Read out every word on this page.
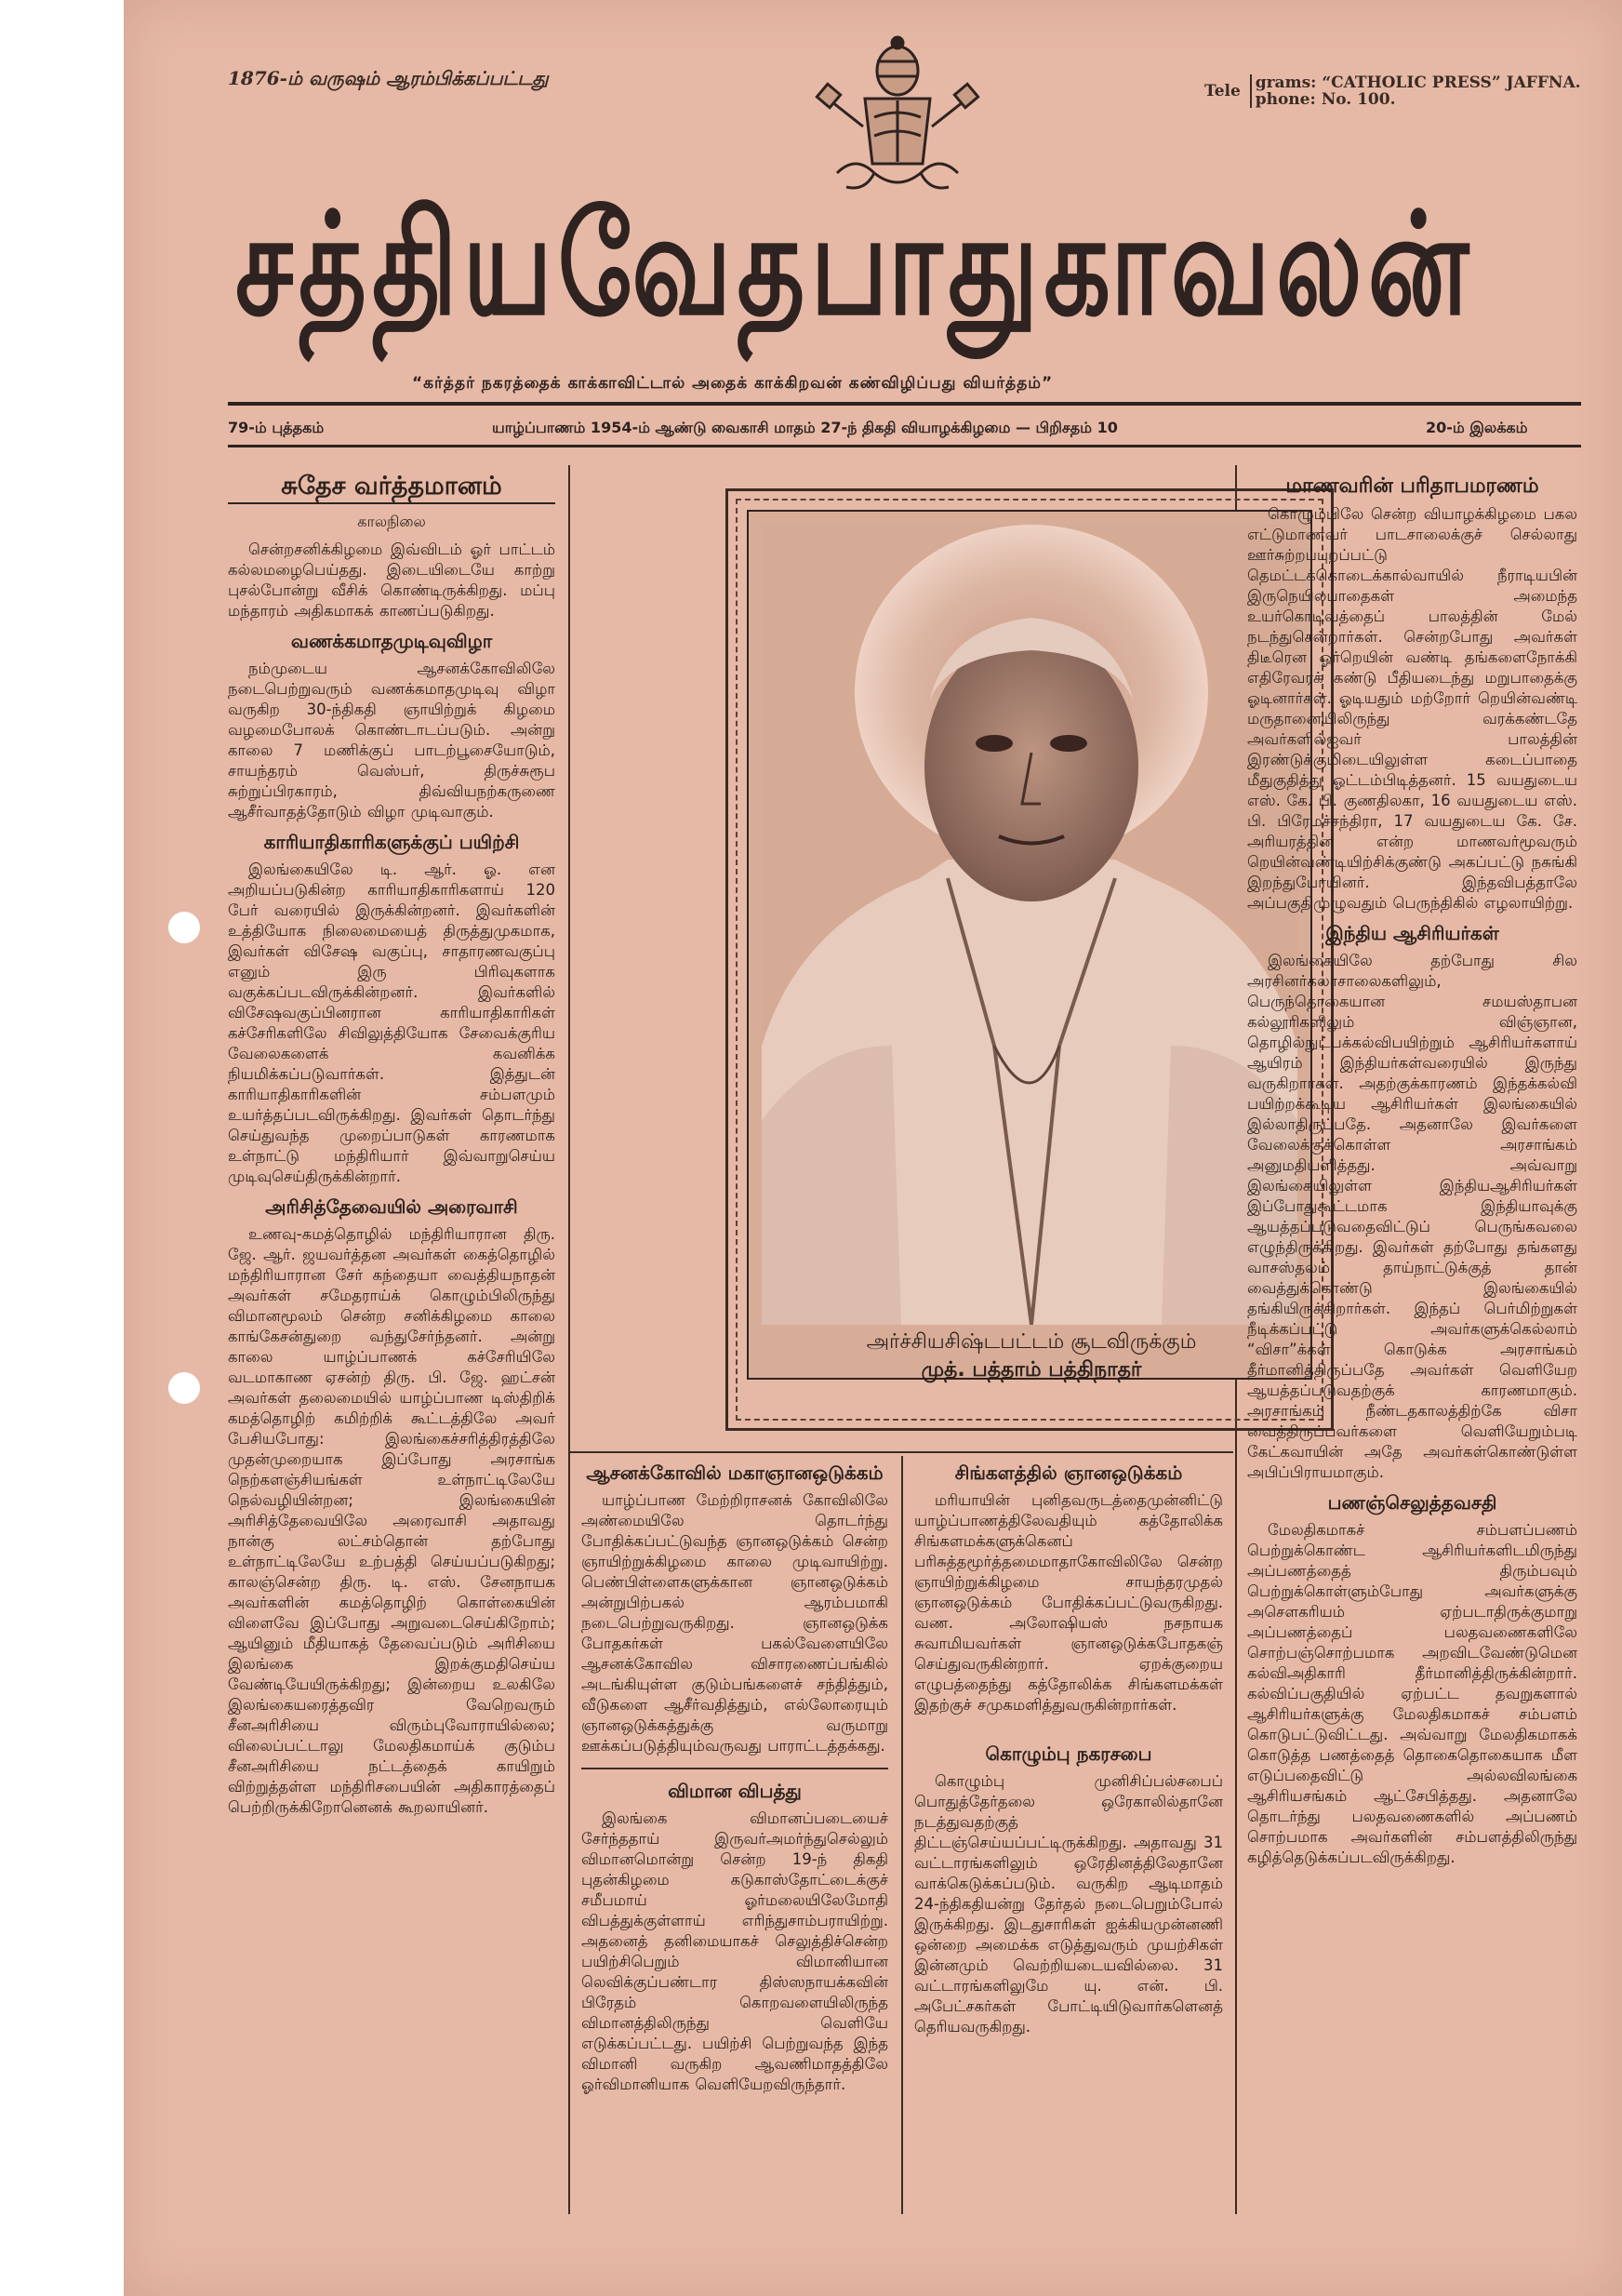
1876-ம் வருஷம் ஆரம்பிக்கப்பட்டது
Tele grams: “CATHOLIC PRESS” JAFFNA.
phone: No. 100.
சத்தியவேதபாதுகாவலன்
“கர்த்தர் நகரத்தைக் காக்காவிட்டால் அதைக் காக்கிறவன் கண்விழிப்பது வியர்த்தம்”
79-ம் புத்தகம்	யாழ்ப்பாணம் 1954-ம் ஆண்டு வைகாசி மாதம் 27-ந் திகதி வியாழக்கிழமை — பிறிசதம் 10	20-ம் இலக்கம்
சுதேச வர்த்தமானம்
காலநிலை

சென்றசனிக்கிழமை இவ்விடம் ஓர் பாட்டம் கல்லமழைபெய்தது. இடையிடையே காற்று புசல்போன்று வீசிக் கொண்டிருக்கிறது. மப்பு மந்தாரம் அதிகமாகக் காணப்படுகிறது.

வணக்கமாதமுடிவுவிழா

நம்முடைய ஆசனக்கோவிலிலே நடைபெற்றுவரும் வணக்கமாதமுடிவு விழா வருகிற 30-ந்திகதி ஞாயிற்றுக் கிழமை வழமைபோலக் கொண்டாடப்படும். அன்று காலை 7 மணிக்குப் பாடற்பூசையோடும், சாயந்தரம் வெஸ்பர், திருச்சுரூப சுற்றுப்பிரகாரம், திவ்வியநற்கருணை ஆசீர்வாதத்தோடும் விழா முடிவாகும்.

காரியாதிகாரிகளுக்குப் பயிற்சி

இலங்கையிலே டி. ஆர். ஓ. என அறியப்படுகின்ற காரியாதிகாரிகளாய் 120 பேர் வரையில் இருக்கின்றனர். இவர்களின் உத்தியோக நிலைமையைத் திருத்துமுகமாக, இவர்கள் விசேஷ வகுப்பு, சாதாரணவகுப்பு எனும் இரு பிரிவுகளாக வகுக்கப்படவிருக்கின்றனர். இவர்களில் விசேஷவகுப்பினரான காரியாதிகாரிகள் கச்சேரிகளிலே சிவிலுத்தியோக சேவைக்குரிய வேலைகளைக் கவனிக்க நியமிக்கப்படுவார்கள். இத்துடன் காரியாதிகாரிகளின் சம்பளமும் உயர்த்தப்படவிருக்கிறது. இவர்கள் தொடர்ந்து செய்துவந்த முறைப்பாடுகள் காரணமாக உள்நாட்டு மந்திரியார் இவ்வாறுசெய்ய முடிவுசெய்திருக்கின்றார்.

அரிசித்தேவையில் அரைவாசி

உணவு-கமத்தொழில் மந்திரியாரான திரு. ஜே. ஆர். ஜயவர்த்தன அவர்கள் கைத்தொழில் மந்திரியாரான சேர் கந்தையா வைத்தியநாதன் அவர்கள் சமேதராய்க் கொழும்பிலிருந்து விமானமூலம் சென்ற சனிக்கிழமை காலை காங்கேசன்துறை வந்துசேர்ந்தனர். அன்று காலை யாழ்ப்பாணக் கச்சேரியிலே வடமாகாண ஏசன்ற் திரு. பி. ஜே. ஹட்சன் அவர்கள் தலைமையில் யாழ்ப்பாண டிஸ்திறிக் கமத்தொழிற் கமிற்றிக் கூட்டத்திலே அவர் பேசியபோது: இலங்கைச்சரித்திரத்திலே முதன்முறையாக இப்போது அரசாங்க நெற்களஞ்சியங்கள் உள்நாட்டிலேயே நெல்வழியின்றன; இலங்கையின் அரிசித்தேவையிலே அரைவாசி அதாவது நான்கு லட்சம்தொன் தற்போது உள்நாட்டிலேயே உற்பத்தி செய்யப்படுகிறது; காலஞ்சென்ற திரு. டி. எஸ். சேனநாயக அவர்களின் கமத்தொழிற் கொள்கையின் விளைவே இப்போது அறுவடைசெய்கிறோம்; ஆயினும் மீதியாகத் தேவைப்படும் அரிசியை இலங்கை இறக்குமதிசெய்ய வேண்டியேயிருக்கிறது; இன்றைய உலகிலே இலங்கையரைத்தவிர வேறெவரும் சீனஅரிசியை விரும்புவோராயில்லை; விலைப்பட்டாலு மேலதிகமாய்க் குடும்ப சீனஅரிசியை நட்டத்தைக் காயிறும் விற்றுத்தள்ள மந்திரிசபையின் அதிகாரத்தைப் பெற்றிருக்கிறோனெனக் கூறலாயினர்.

அர்ச்சியசிஷ்டபட்டம் சூடவிருக்கும்
முத். பத்தாம் பத்திநாதர்
ஆசனக்கோவில் மகாஞானஒடுக்கம்

யாழ்ப்பாண மேற்றிராசனக் கோவிலிலே அண்மையிலே தொடர்ந்து போதிக்கப்பட்டுவந்த ஞானஒடுக்கம் சென்ற ஞாயிற்றுக்கிழமை காலை முடிவாயிற்று. பெண்பிள்ளைகளுக்கான ஞானஒடுக்கம் அன்றுபிற்பகல் ஆரம்பமாகி நடைபெற்றுவருகிறது. ஞானஒடுக்க போதகர்கள் பகல்வேளையிலே ஆசனக்கோவில விசாரணைப்பங்கில் அடங்கியுள்ள குடும்பங்களைச் சந்தித்தும், வீடுகளை ஆசீர்வதித்தும், எல்லோரையும் ஞானஒடுக்கத்துக்கு வருமாறு ஊக்கப்படுத்தியும்வருவது பாராட்டத்தக்கது.

விமான விபத்து

இலங்கை விமானப்படையைச் சேர்ந்ததாய் இருவர்அமர்ந்துசெல்லும் விமானமொன்று சென்ற 19-ந் திகதி புதன்கிழமை கடுகாஸ்தோட்டைக்குச் சமீபமாய் ஓர்மலையிலேமோதி விபத்துக்குள்ளாய் எரிந்துசாம்பராயிற்று. அதனைத் தனிமையாகச் செலுத்திச்சென்ற பயிற்சிபெறும் விமானியான லெவிக்குப்பண்டார திஸ்ஸநாயக்கவின் பிரேதம் கொறவளையிலிருந்த விமானத்திலிருந்து வெளியே எடுக்கப்பட்டது. பயிற்சி பெற்றுவந்த இந்த விமானி வருகிற ஆவணிமாதத்திலே ஓர்விமானியாக வெளியேறவிருந்தார்.

சிங்களத்தில் ஞானஒடுக்கம்

மரியாயின் புனிதவருடத்தைமுன்னிட்டு யாழ்ப்பாணத்திலேவதியும் கத்தோலிக்க சிங்களமக்களுக்கெனப் பரிசுத்தமூர்த்தமைமாதாகோவிலிலே சென்ற ஞாயிற்றுக்கிழமை சாயந்தரமுதல் ஞானஒடுக்கம் போதிக்கப்பட்டுவருகிறது. வண. அலோஷியஸ் நசநாயக சுவாமியவர்கள் ஞானஒடுக்கபோதகஞ் செய்துவருகின்றார். ஏறக்குறைய எழுபத்தைந்து கத்தோலிக்க சிங்களமக்கள் இதற்குச் சமுகமளித்துவருகின்றார்கள்.

கொழும்பு நகரசபை

கொழும்பு முனிசிப்பல்சபைப் பொதுத்தேர்தலை ஒரேகாலில்தானே நடத்துவதற்குத் திட்டஞ்செய்யப்பட்டிருக்கிறது. அதாவது 31 வட்டாரங்களிலும் ஒரேதினத்திலேதானே வாக்கெடுக்கப்படும். வருகிற ஆடிமாதம் 24-ந்திகதியன்று தேர்தல் நடைபெறும்போல் இருக்கிறது. இடதுசாரிகள் ஐக்கியமுன்னணி ஒன்றை அமைக்க எடுத்துவரும் முயற்சிகள் இன்னமும் வெற்றியடையவில்லை. 31 வட்டாரங்களிலுமே யு. என். பி. அபேட்சகர்கள் போட்டியிடுவார்களெனத் தெரியவருகிறது.

மாணவரின் பரிதாபமரணம்

கொழும்பிலே சென்ற வியாழக்கிழமை பகல எட்டுமாணவர் பாடசாலைக்குச் செல்லாது ஊர்சுற்றப்புறப்பட்டு தெமட்டக்கொடைக்கால்வாயில் நீராடியபின் இருநெயிலபாதைகள் அமைந்த உயர்கொடிவத்தைப் பாலத்தின் மேல் நடந்துசென்றார்கள். சென்றபோது அவர்கள் திடீரென ஓர்றெயின் வண்டி தங்களைநோக்கி எதிரேவரக் கண்டு பீதியடைந்து மறுபாதைக்கு ஓடினார்கள். ஓடியதும் மற்றோர் றெயின்வண்டி மருதானையிலிருந்து வரக்கண்டதே அவர்களில்ஐவர் பாலத்தின் இரண்டுக்குமிடையிலுள்ள கடைப்பாதை மீதுகுதித்து ஓட்டம்பிடித்தனர். 15 வயதுடைய எஸ். கே. பி. குணதிலகா, 16 வயதுடைய எஸ். பி. பிரேமச்சந்திரா, 17 வயதுடைய கே. சே. அரியரத்தின என்ற மாணவர்மூவரும் றெயின்வண்டியிற்சிக்குண்டு அகப்பட்டு நசுங்கி இறந்துபோயினர். இந்தவிபத்தாலே அப்பகுதிமுழுவதும் பெருந்திகில் எழலாயிற்று.

இந்திய ஆசிரியர்கள்

இலங்கையிலே தற்போது சில அரசினர்கலாசாலைகளிலும், பெருந்தொகையான சமயஸ்தாபன கல்லூரிகளிலும் விஞ்ஞான, தொழில்நுட்பக்கல்விபயிற்றும் ஆசிரியர்களாய் ஆயிரம் இந்தியர்கள்வரையில் இருந்து வருகிறார்கள். அதற்குக்காரணம் இந்தக்கல்வி பயிற்றக்கூடிய ஆசிரியர்கள் இலங்கையில் இல்லாதிருப்பதே. அதனாலே இவர்களை வேலைக்குக்கொள்ள அரசாங்கம் அனுமதியளித்தது. அவ்வாறு இலங்கையிலுள்ள இந்தியஆசிரியர்கள் இப்போதுகூட்டமாக இந்தியாவுக்கு ஆயத்தப்படுவதைவிட்டுப் பெருங்கவலை எழுந்திருக்கிறது. இவர்கள் தற்போது தங்களது வாசஸ்தலம் தாய்நாட்டுக்குத் தான் வைத்துக்கொண்டு இலங்கையில் தங்கியிருக்கிறார்கள். இந்தப் பெர்மிற்றுகள் நீடிக்கப்பட்டு அவர்களுக்கெல்லாம் “விசா”க்கள் கொடுக்க அரசாங்கம் தீர்மானித்திருப்பதே அவர்கள் வெளியேற ஆயத்தப்படுவதற்குக் காரணமாகும். அரசாங்கம் நீண்டதகாலத்திற்கே விசா வைத்திருப்பவர்களை வெளியேறும்படி கேட்கவாயின் அதே அவர்கள்கொண்டுள்ள அபிப்பிராயமாகும்.

பணஞ்செலுத்தவசதி

மேலதிகமாகச் சம்பளப்பணம் பெற்றுக்கொண்ட ஆசிரியர்களிடமிருந்து அப்பணத்தைத் திரும்பவும் பெற்றுக்கொள்ளும்போது அவர்களுக்கு அசௌகரியம் ஏற்படாதிருக்குமாறு அப்பணத்தைப் பலதவணைகளிலே சொற்பஞ்சொற்பமாக அறவிடவேண்டுமென கல்விஅதிகாரி தீர்மானித்திருக்கின்றார். கல்விப்பகுதியில் ஏற்பட்ட தவறுகளால் ஆசிரியர்களுக்கு மேலதிகமாகச் சம்பளம் கொடுபட்டுவிட்டது. அவ்வாறு மேலதிகமாகக் கொடுத்த பணத்தைத் தொகைதொகையாக மீள எடுப்பதைவிட்டு அல்லவிலங்கை ஆசிரியசங்கம் ஆட்சேபித்தது. அதனாலே தொடர்ந்து பலதவணைகளில் அப்பணம் சொற்பமாக அவர்களின் சம்பளத்திலிருந்து கழித்தெடுக்கப்படவிருக்கிறது.
